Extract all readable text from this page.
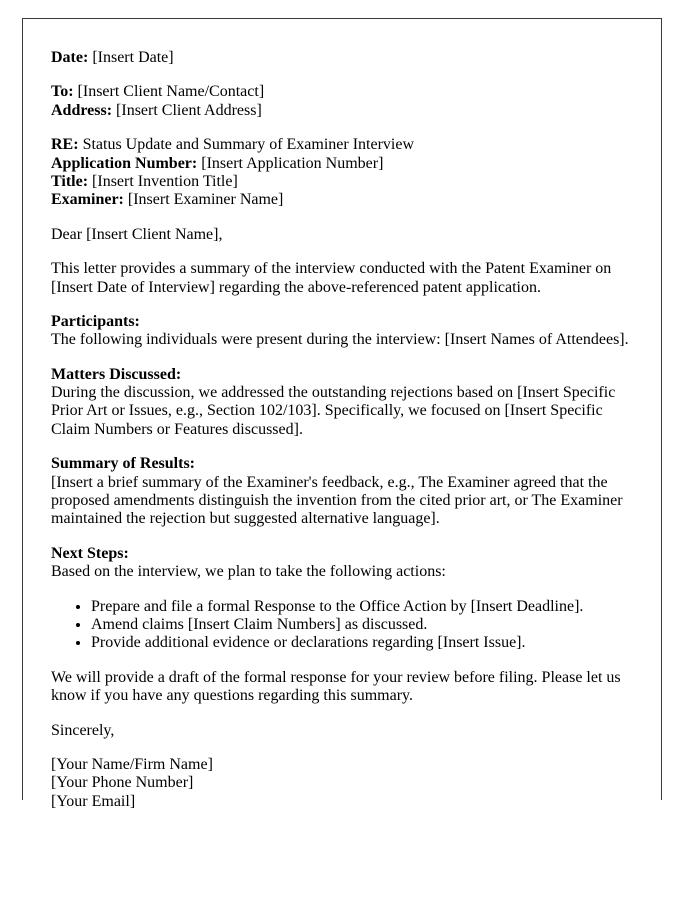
Date: [Insert Date]

To: [Insert Client Name/Contact]
Address: [Insert Client Address]

RE: Status Update and Summary of Examiner Interview
Application Number: [Insert Application Number]
Title: [Insert Invention Title]
Examiner: [Insert Examiner Name]

Dear [Insert Client Name],

This letter provides a summary of the interview conducted with the Patent Examiner on [Insert Date of Interview] regarding the above-referenced patent application.

Participants:
The following individuals were present during the interview: [Insert Names of Attendees].

Matters Discussed:
During the discussion, we addressed the outstanding rejections based on [Insert Specific Prior Art or Issues, e.g., Section 102/103]. Specifically, we focused on [Insert Specific Claim Numbers or Features discussed].

Summary of Results:
[Insert a brief summary of the Examiner's feedback, e.g., The Examiner agreed that the proposed amendments distinguish the invention from the cited prior art, or The Examiner maintained the rejection but suggested alternative language].

Next Steps:
Based on the interview, we plan to take the following actions:

• Prepare and file a formal Response to the Office Action by [Insert Deadline].
• Amend claims [Insert Claim Numbers] as discussed.
• Provide additional evidence or declarations regarding [Insert Issue].

We will provide a draft of the formal response for your review before filing. Please let us know if you have any questions regarding this summary.

Sincerely,

[Your Name/Firm Name]
[Your Phone Number]
[Your Email]
